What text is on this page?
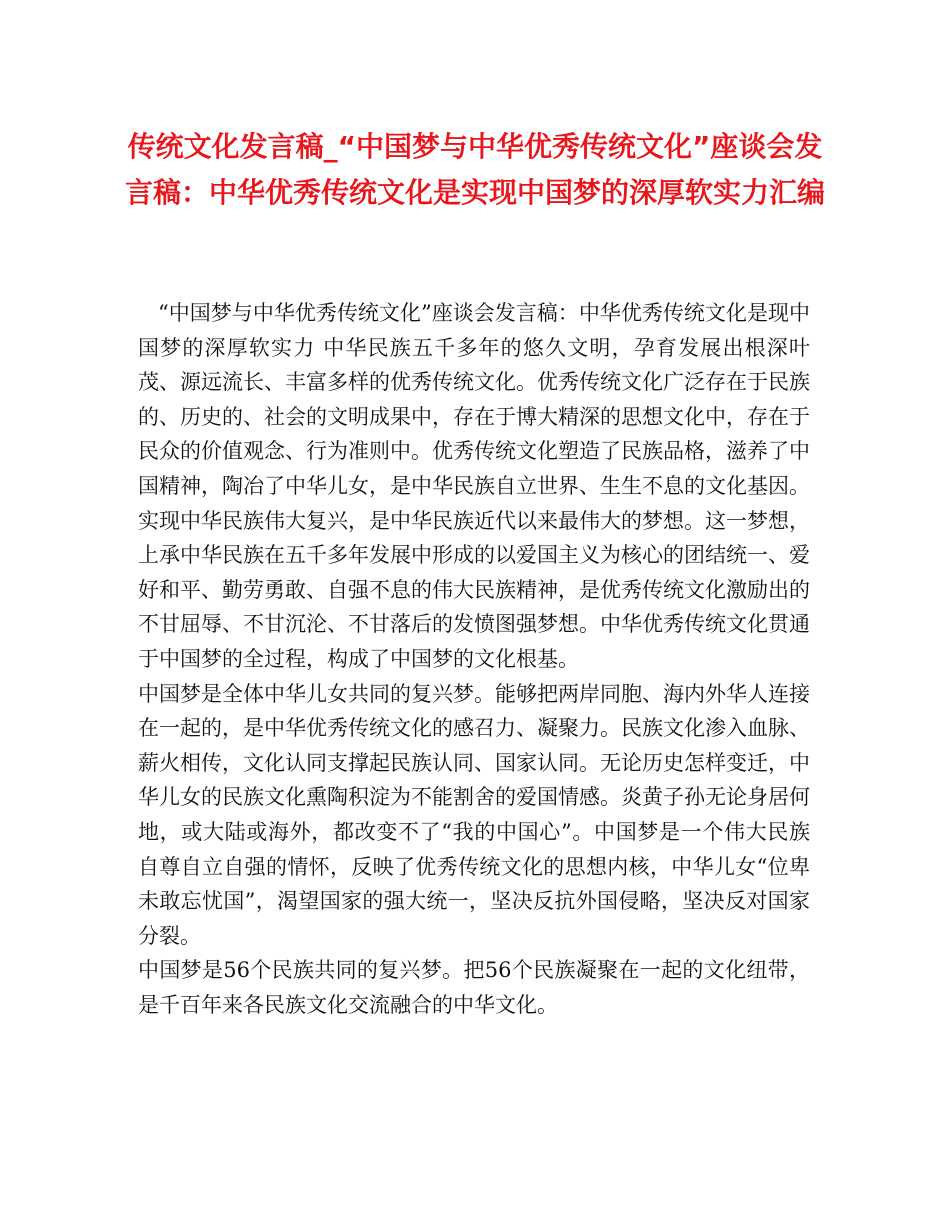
传统文化发言稿_“中国梦与中华优秀传统文化”座谈会发言稿：中华优秀传统文化是实现中国梦的深厚软实力汇编

“中国梦与中华优秀传统文化”座谈会发言稿：中华优秀传统文化是现中国梦的深厚软实力 中华民族五千多年的悠久文明，孕育发展出根深叶茂、源远流长、丰富多样的优秀传统文化。优秀传统文化广泛存在于民族的、历史的、社会的文明成果中，存在于博大精深的思想文化中，存在于民众的价值观念、行为准则中。优秀传统文化塑造了民族品格，滋养了中国精神，陶冶了中华儿女，是中华民族自立世界、生生不息的文化基因。

实现中华民族伟大复兴，是中华民族近代以来最伟大的梦想。这一梦想，上承中华民族在五千多年发展中形成的以爱国主义为核心的团结统一、爱好和平、勤劳勇敢、自强不息的伟大民族精神，是优秀传统文化激励出的不甘屈辱、不甘沉沦、不甘落后的发愤图强梦想。中华优秀传统文化贯通于中国梦的全过程，构成了中国梦的文化根基。

中国梦是全体中华儿女共同的复兴梦。能够把两岸同胞、海内外华人连接在一起的，是中华优秀传统文化的感召力、凝聚力。民族文化渗入血脉、薪火相传，文化认同支撑起民族认同、国家认同。无论历史怎样变迁，中华儿女的民族文化熏陶积淀为不能割舍的爱国情感。炎黄子孙无论身居何地，或大陆或海外，都改变不了“我的中国心”。中国梦是一个伟大民族自尊自立自强的情怀，反映了优秀传统文化的思想内核，中华儿女“位卑未敢忘忧国”，渴望国家的强大统一，坚决反抗外国侵略，坚决反对国家分裂。

中国梦是56个民族共同的复兴梦。把56个民族凝聚在一起的文化纽带，是千百年来各民族文化交流融合的中华文化。
